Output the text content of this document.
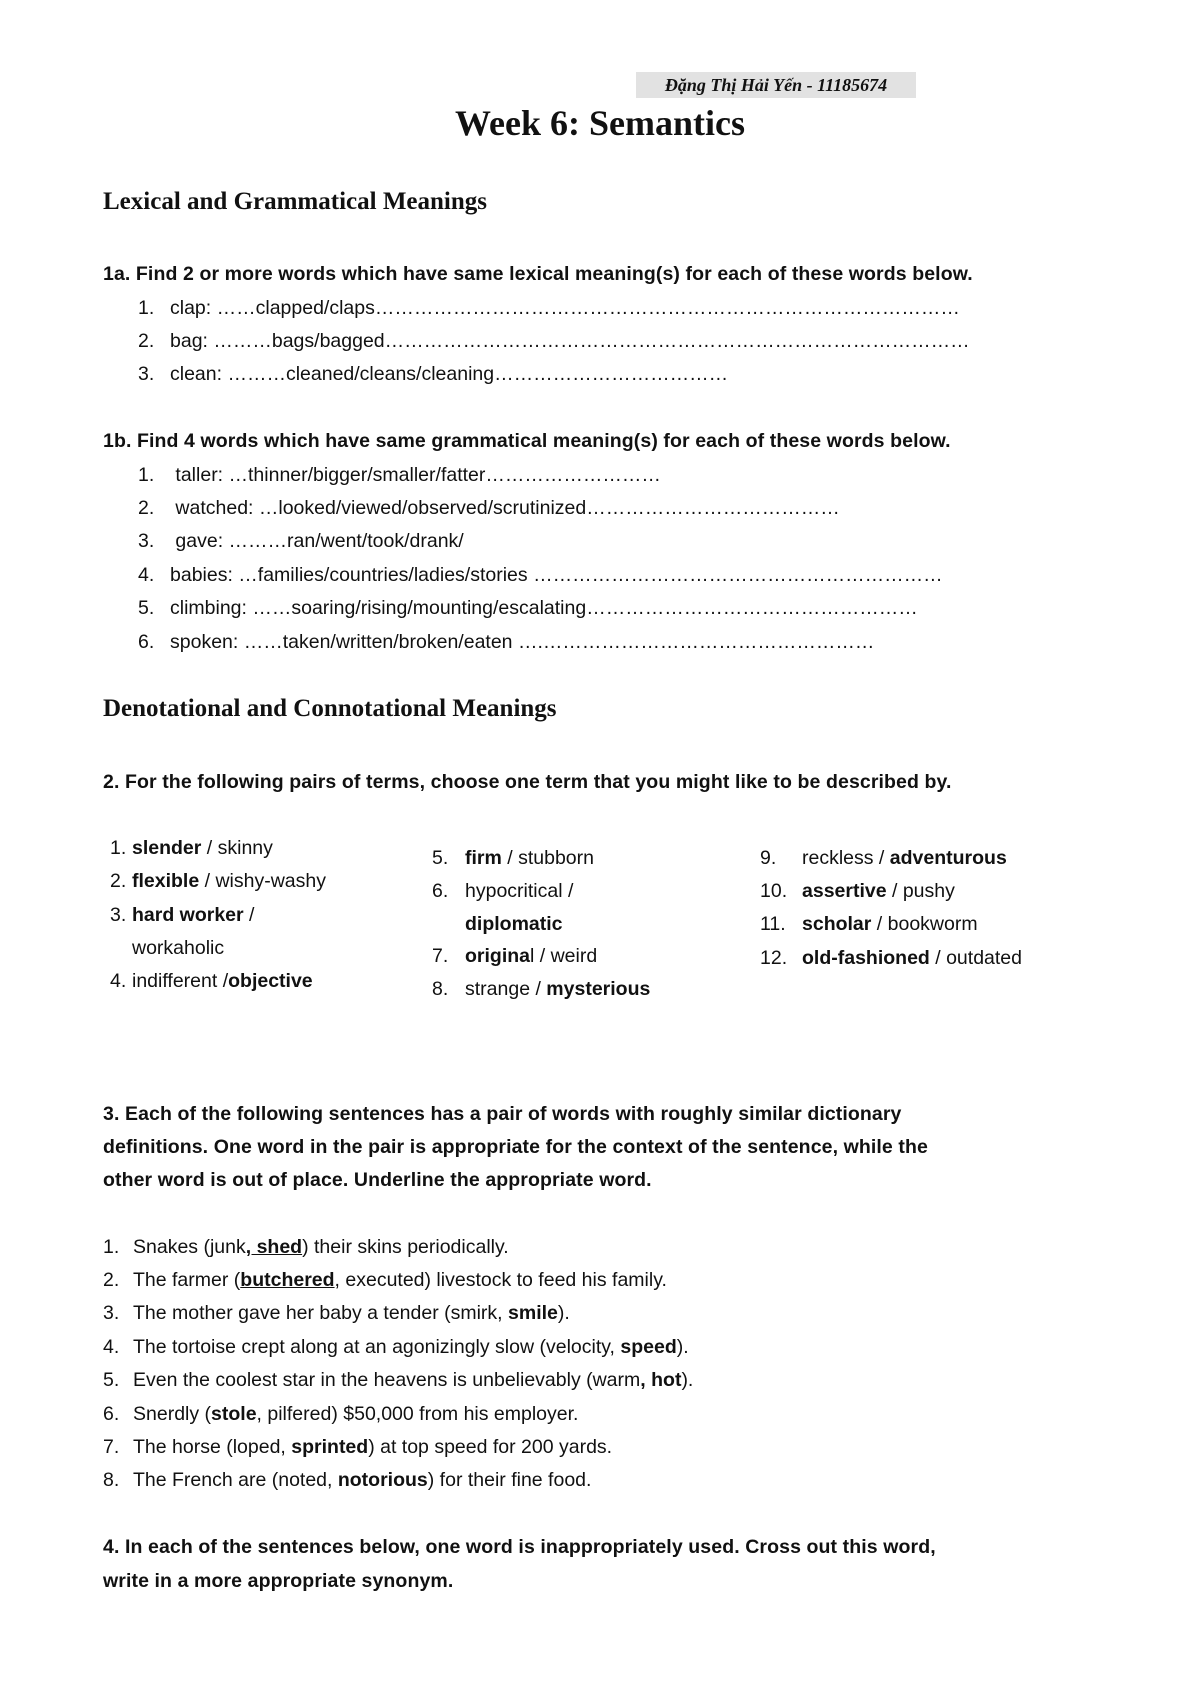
Đặng Thị Hải Yến - 11185674
Week 6: Semantics
Lexical and Grammatical Meanings
1a. Find 2 or more words which have same lexical meaning(s) for each of these words below.
1. clap: ……clapped/claps………………………………………………………………………………
2. bag: ………bags/bagged………………………………………………………………………………
3. clean: ………cleaned/cleans/cleaning………………………………
1b. Find 4 words which have same grammatical meaning(s) for each of these words below.
1. taller: …thinner/bigger/smaller/fatter………………………
2. watched: …looked/viewed/observed/scrutinized…………………………………
3. gave: ………ran/went/took/drank/
4. babies: …families/countries/ladies/stories ………………………………………………………
5. climbing: ……soaring/rising/mounting/escalating……………………………………………
6. spoken: ……taken/written/broken/eaten ….……………………………………………
Denotational and Connotational Meanings
2. For the following pairs of terms, choose one term that you might like to be described by.
1. slender / skinny
2. flexible / wishy-washy
3. hard worker /
workaholic
4. indifferent /objective
5. firm / stubborn
6. hypocritical /
diplomatic
7. original / weird
8. strange / mysterious
9. reckless / adventurous
10. assertive / pushy
11. scholar / bookworm
12. old-fashioned / outdated
3. Each of the following sentences has a pair of words with roughly similar dictionary
definitions. One word in the pair is appropriate for the context of the sentence, while the
other word is out of place. Underline the appropriate word.
1. Snakes (junk, shed) their skins periodically.
2. The farmer (butchered, executed) livestock to feed his family.
3. The mother gave her baby a tender (smirk, smile).
4. The tortoise crept along at an agonizingly slow (velocity, speed).
5. Even the coolest star in the heavens is unbelievably (warm, hot).
6. Snerdly (stole, pilfered) $50,000 from his employer.
7. The horse (loped, sprinted) at top speed for 200 yards.
8. The French are (noted, notorious) for their fine food.
4. In each of the sentences below, one word is inappropriately used. Cross out this word,
write in a more appropriate synonym.
